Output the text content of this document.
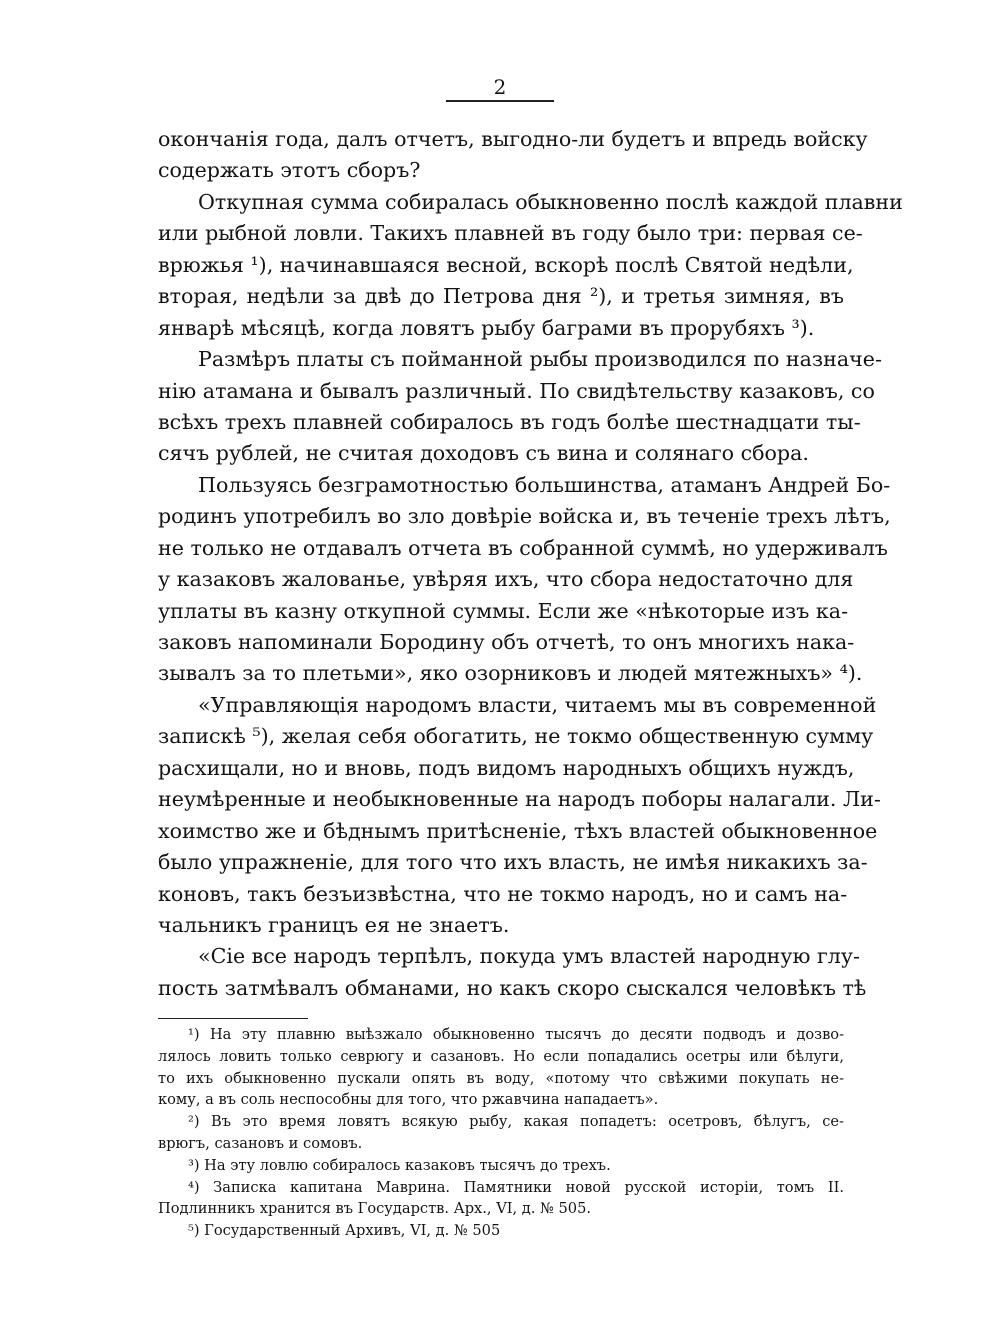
2
окончанія года, далъ отчетъ, выгодно-ли будетъ и впредь войску
содержать этотъ сборъ?
Откупная сумма собиралась обыкновенно послѣ каждой плавни
или рыбной ловли. Такихъ плавней въ году было три: первая се-
врюжья ¹), начинавшаяся весной, вскорѣ послѣ Святой недѣли,
вторая, недѣли за двѣ до Петрова дня ²), и третья зимняя, въ
январѣ мѣсяцѣ, когда ловятъ рыбу баграми въ прорубяхъ ³).
Размѣръ платы съ пойманной рыбы производился по назначе-
нію атамана и бывалъ различный. По свидѣтельству казаковъ, со
всѣхъ трехъ плавней собиралось въ годъ болѣе шестнадцати ты-
сячъ рублей, не считая доходовъ съ вина и солянаго сбора.
Пользуясь безграмотностью большинства, атаманъ Андрей Бо-
родинъ употребилъ во зло довѣріе войска и, въ теченіе трехъ лѣтъ,
не только не отдавалъ отчета въ собранной суммѣ, но удерживалъ
у казаковъ жалованье, увѣряя ихъ, что сбора недостаточно для
уплаты въ казну откупной суммы. Если же «нѣкоторые изъ ка-
заковъ напоминали Бородину объ отчетѣ, то онъ многихъ нака-
зывалъ за то плетьми», яко озорниковъ и людей мятежныхъ» ⁴).
«Управляющія народомъ власти, читаемъ мы въ современной
запискѣ ⁵), желая себя обогатить, не токмо общественную сумму
расхищали, но и вновь, подъ видомъ народныхъ общихъ нуждъ,
неумѣренные и необыкновенные на народъ поборы налагали. Ли-
хоимство же и бѣднымъ притѣсненіе, тѣхъ властей обыкновенное
было упражненіе, для того что ихъ власть, не имѣя никакихъ за-
коновъ, такъ безъизвѣстна, что не токмо народъ, но и самъ на-
чальникъ границъ ея не знаетъ.
«Сіе все народъ терпѣлъ, покуда умъ властей народную глу-
пость затмѣвалъ обманами, но какъ скоро сыскался человѣкъ тѣ
¹) На эту плавню выѣзжало обыкновенно тысячъ до десяти подводъ и дозво-
лялось ловить только севрюгу и сазановъ. Но если попадались осетры или бѣлуги,
то ихъ обыкновенно пускали опять въ воду, «потому что свѣжими покупать не-
кому, а въ соль неспособны для того, что ржавчина нападаетъ».
²) Въ это время ловятъ всякую рыбу, какая попадетъ: осетровъ, бѣлугъ, се-
врюгъ, сазановъ и сомовъ.
³) На эту ловлю собиралось казаковъ тысячъ до трехъ.
⁴) Записка капитана Маврина. Памятники новой русской исторіи, томъ II.
Подлинникъ хранится въ Государств. Арх., VI, д. № 505.
⁵) Государственный Архивъ, VI, д. № 505
